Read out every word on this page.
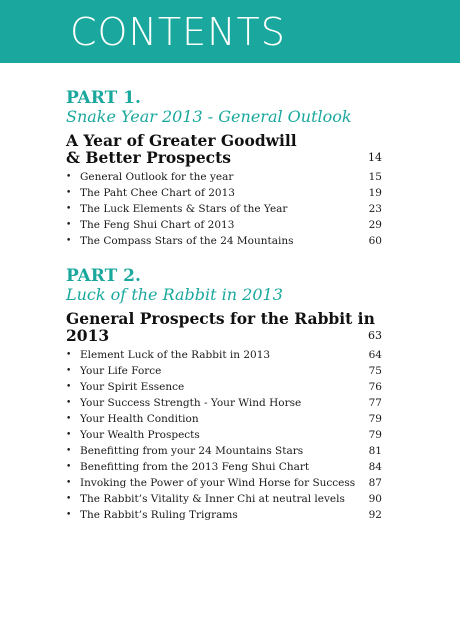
CONTENTS
PART 1.
Snake Year 2013 - General Outlook
A Year of Greater Goodwill
& Better Prospects	14
• General Outlook for the year	15
• The Paht Chee Chart of 2013	19
• The Luck Elements & Stars of the Year	23
• The Feng Shui Chart of 2013	29
• The Compass Stars of the 24 Mountains	60
PART 2.
Luck of the Rabbit in 2013
General Prospects for the Rabbit in 2013	63
• Element Luck of the Rabbit in 2013	64
• Your Life Force	75
• Your Spirit Essence	76
• Your Success Strength - Your Wind Horse	77
• Your Health Condition	79
• Your Wealth Prospects	79
• Benefitting from your 24 Mountains Stars	81
• Benefitting from the 2013 Feng Shui Chart	84
• Invoking the Power of your Wind Horse for Success 87
• The Rabbit’s Vitality & Inner Chi at neutral levels 90
• The Rabbit’s Ruling Trigrams	92
